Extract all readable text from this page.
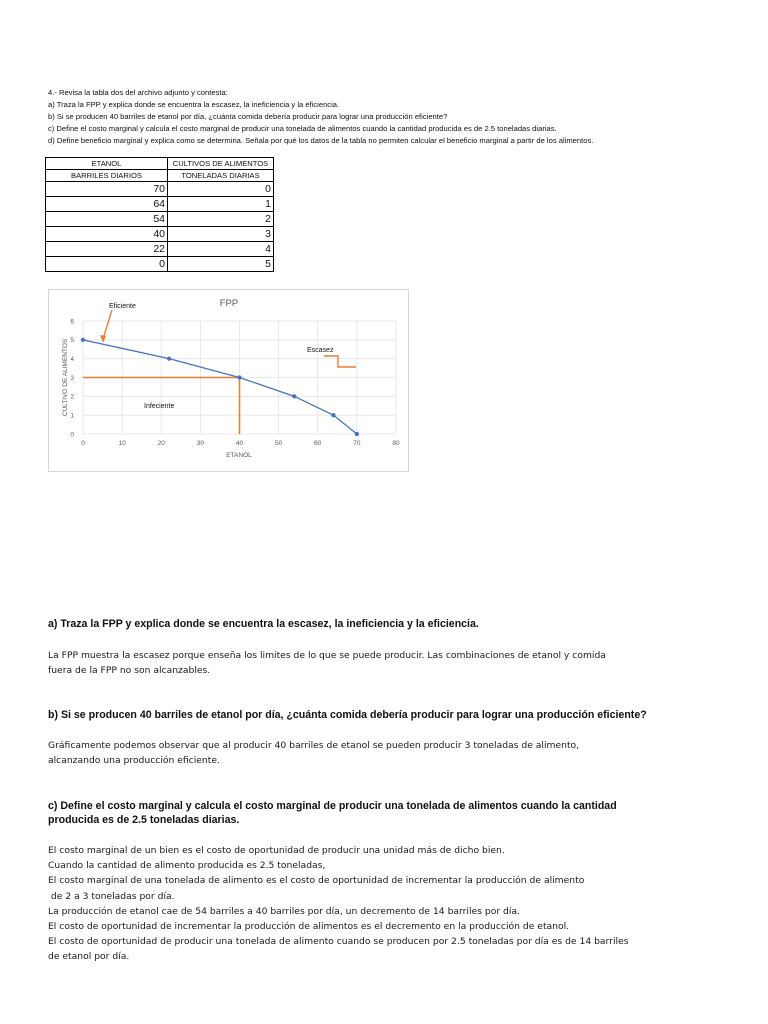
4.- Revisa la tabla dos del archivo adjunto y contesta:
a) Traza la FPP y explica donde se encuentra la escasez, la ineficiencia y la eficiencia.
b) Si se producen 40 barriles de etanol por día, ¿cuánta comida debería producir para lograr una producción eficiente?
c) Define el costo marginal y calcula el costo marginal de producir una tonelada de alimentos cuando la cantidad producida es de 2.5 toneladas diarias.
d) Define beneficio marginal y explica como se determina. Señala por qué los datos de la tabla no permiten calcular el beneficio marginal a partir de los alimentos.
ETANOL	CULTIVOS DE ALIMENTOS
BARRILES DIARIOS	TONELADAS DIARIAS
70	0
64	1
54	2
40	3
22	4
0	5
0	10	20	30	40	50	60	70	80
0
1
2
3
4
5
6
FPP
ETANOL
CULTIVO DE ALIMENTOS
Eficiente
Escasez
Infeciente
a) Traza la FPP y explica donde se encuentra la escasez, la ineficiencia y la eficiencia.
La FPP muestra la escasez porque enseña los limites de lo que se puede producir. Las combinaciones de etanol y comida
fuera de la FPP no son alcanzables.
b) Si se producen 40 barriles de etanol por día, ¿cuánta comida debería producir para lograr una producción eficiente?
Gráficamente podemos observar que al producir 40 barriles de etanol se pueden producir 3 toneladas de alimento,
alcanzando una producción eficiente.
c) Define el costo marginal y calcula el costo marginal de producir una tonelada de alimentos cuando la cantidad
producida es de 2.5 toneladas diarias.
El costo marginal de un bien es el costo de oportunidad de producir una unidad más de dicho bien.
Cuando la cantidad de alimento producida es 2.5 toneladas,
El costo marginal de una tonelada de alimento es el costo de oportunidad de incrementar la producción de alimento
de 2 a 3 toneladas por día.
La producción de etanol cae de 54 barriles a 40 barriles por día, un decremento de 14 barriles por día.
El costo de oportunidad de incrementar la producción de alimentos es el decremento en la producción de etanol.
El costo de oportunidad de producir una tonelada de alimento cuando se producen por 2.5 toneladas por día es de 14 barriles
de etanol por día.
